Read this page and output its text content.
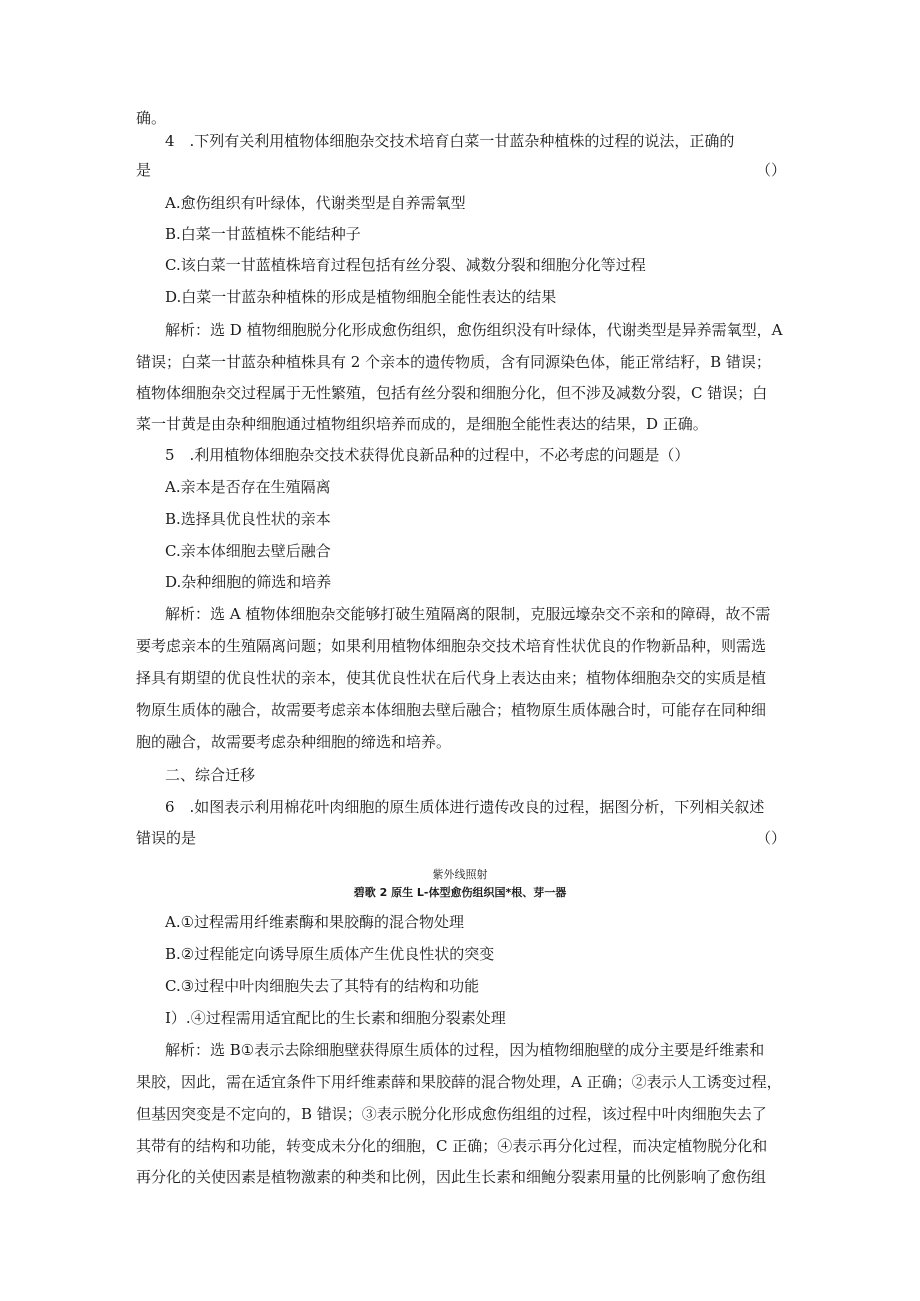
确。
4　.下列有关利用植物体细胞杂交技术培育白菜一甘蓝杂种植株的过程的说法，正确的
是	（）
A.愈伤组织有叶绿体，代谢类型是自养需氧型
B.白菜一甘蓝植株不能结种子
C.该白菜一甘蓝植株培育过程包括有丝分裂、减数分裂和细胞分化等过程
D.白菜一甘蓝杂种植株的形成是植物细胞全能性表达的结果
解析：选 D 植物细胞脱分化形成愈伤组织，愈伤组织没有叶绿体，代谢类型是异养需氧型，A
错误；白菜一甘蓝杂种植株具有 2 个亲本的遗传物质，含有同源染色体，能正常结籽，B 错误；
植物体细胞杂交过程属于无性繁殖，包括有丝分裂和细胞分化，但不涉及减数分裂，C 错误；白
菜一甘黄是由杂种细胞通过植物组织培养而成的，是细胞全能性表达的结果，D 正确。
5　.利用植物体细胞杂交技术获得优良新品种的过程中，不必考虑的问题是（）
A.亲本是否存在生殖隔离
B.选择具优良性状的亲本
C.亲本体细胞去壁后融合
D.杂种细胞的筛选和培养
解析：选 A 植物体细胞杂交能够打破生殖隔离的限制，克服远壕杂交不亲和的障碍，故不需
要考虑亲本的生殖隔离问题；如果利用植物体细胞杂交技术培育性状优良的作物新品种，则需选
择具有期望的优良性状的亲本，使其优良性状在后代身上表达由来；植物体细胞杂交的实质是植
物原生质体的融合，故需要考虑亲本体细胞去壁后融合；植物原生质体融合时，可能存在同种细
胞的融合，故需要考虑杂种细胞的缔选和培养。
二、综合迁移
6　.如图表示利用棉花叶肉细胞的原生质体进行遗传改良的过程，据图分析，下列相关叙述
错误的是	（）
紫外线照射
碧歌 2 原生 L-体型愈伤组织国*根、芽一器
A.①过程需用纤维素酶和果胶酶的混合物处理
B.②过程能定向诱导原生质体产生优良性状的突变
C.③过程中叶肉细胞失去了其特有的结构和功能
I）.④过程需用适宜配比的生长素和细胞分裂素处理
解析：选 B①表示去除细胞壁获得原生质体的过程，因为植物细胞壁的成分主要是纤维素和
果胶，因此，需在适宜条件下用纤维素薛和果胶薛的混合物处理，A 正确；②表示人工诱变过程，
但基因突变是不定向的，B 错误；③表示脱分化形成愈伤组组的过程，该过程中叶肉细胞失去了
其带有的结构和功能，转变成未分化的细胞，C 正确；④表示再分化过程，而决定植物脱分化和
再分化的关使因素是植物激素的种类和比例，因此生长素和细鲍分裂素用量的比例影响了愈伤组
